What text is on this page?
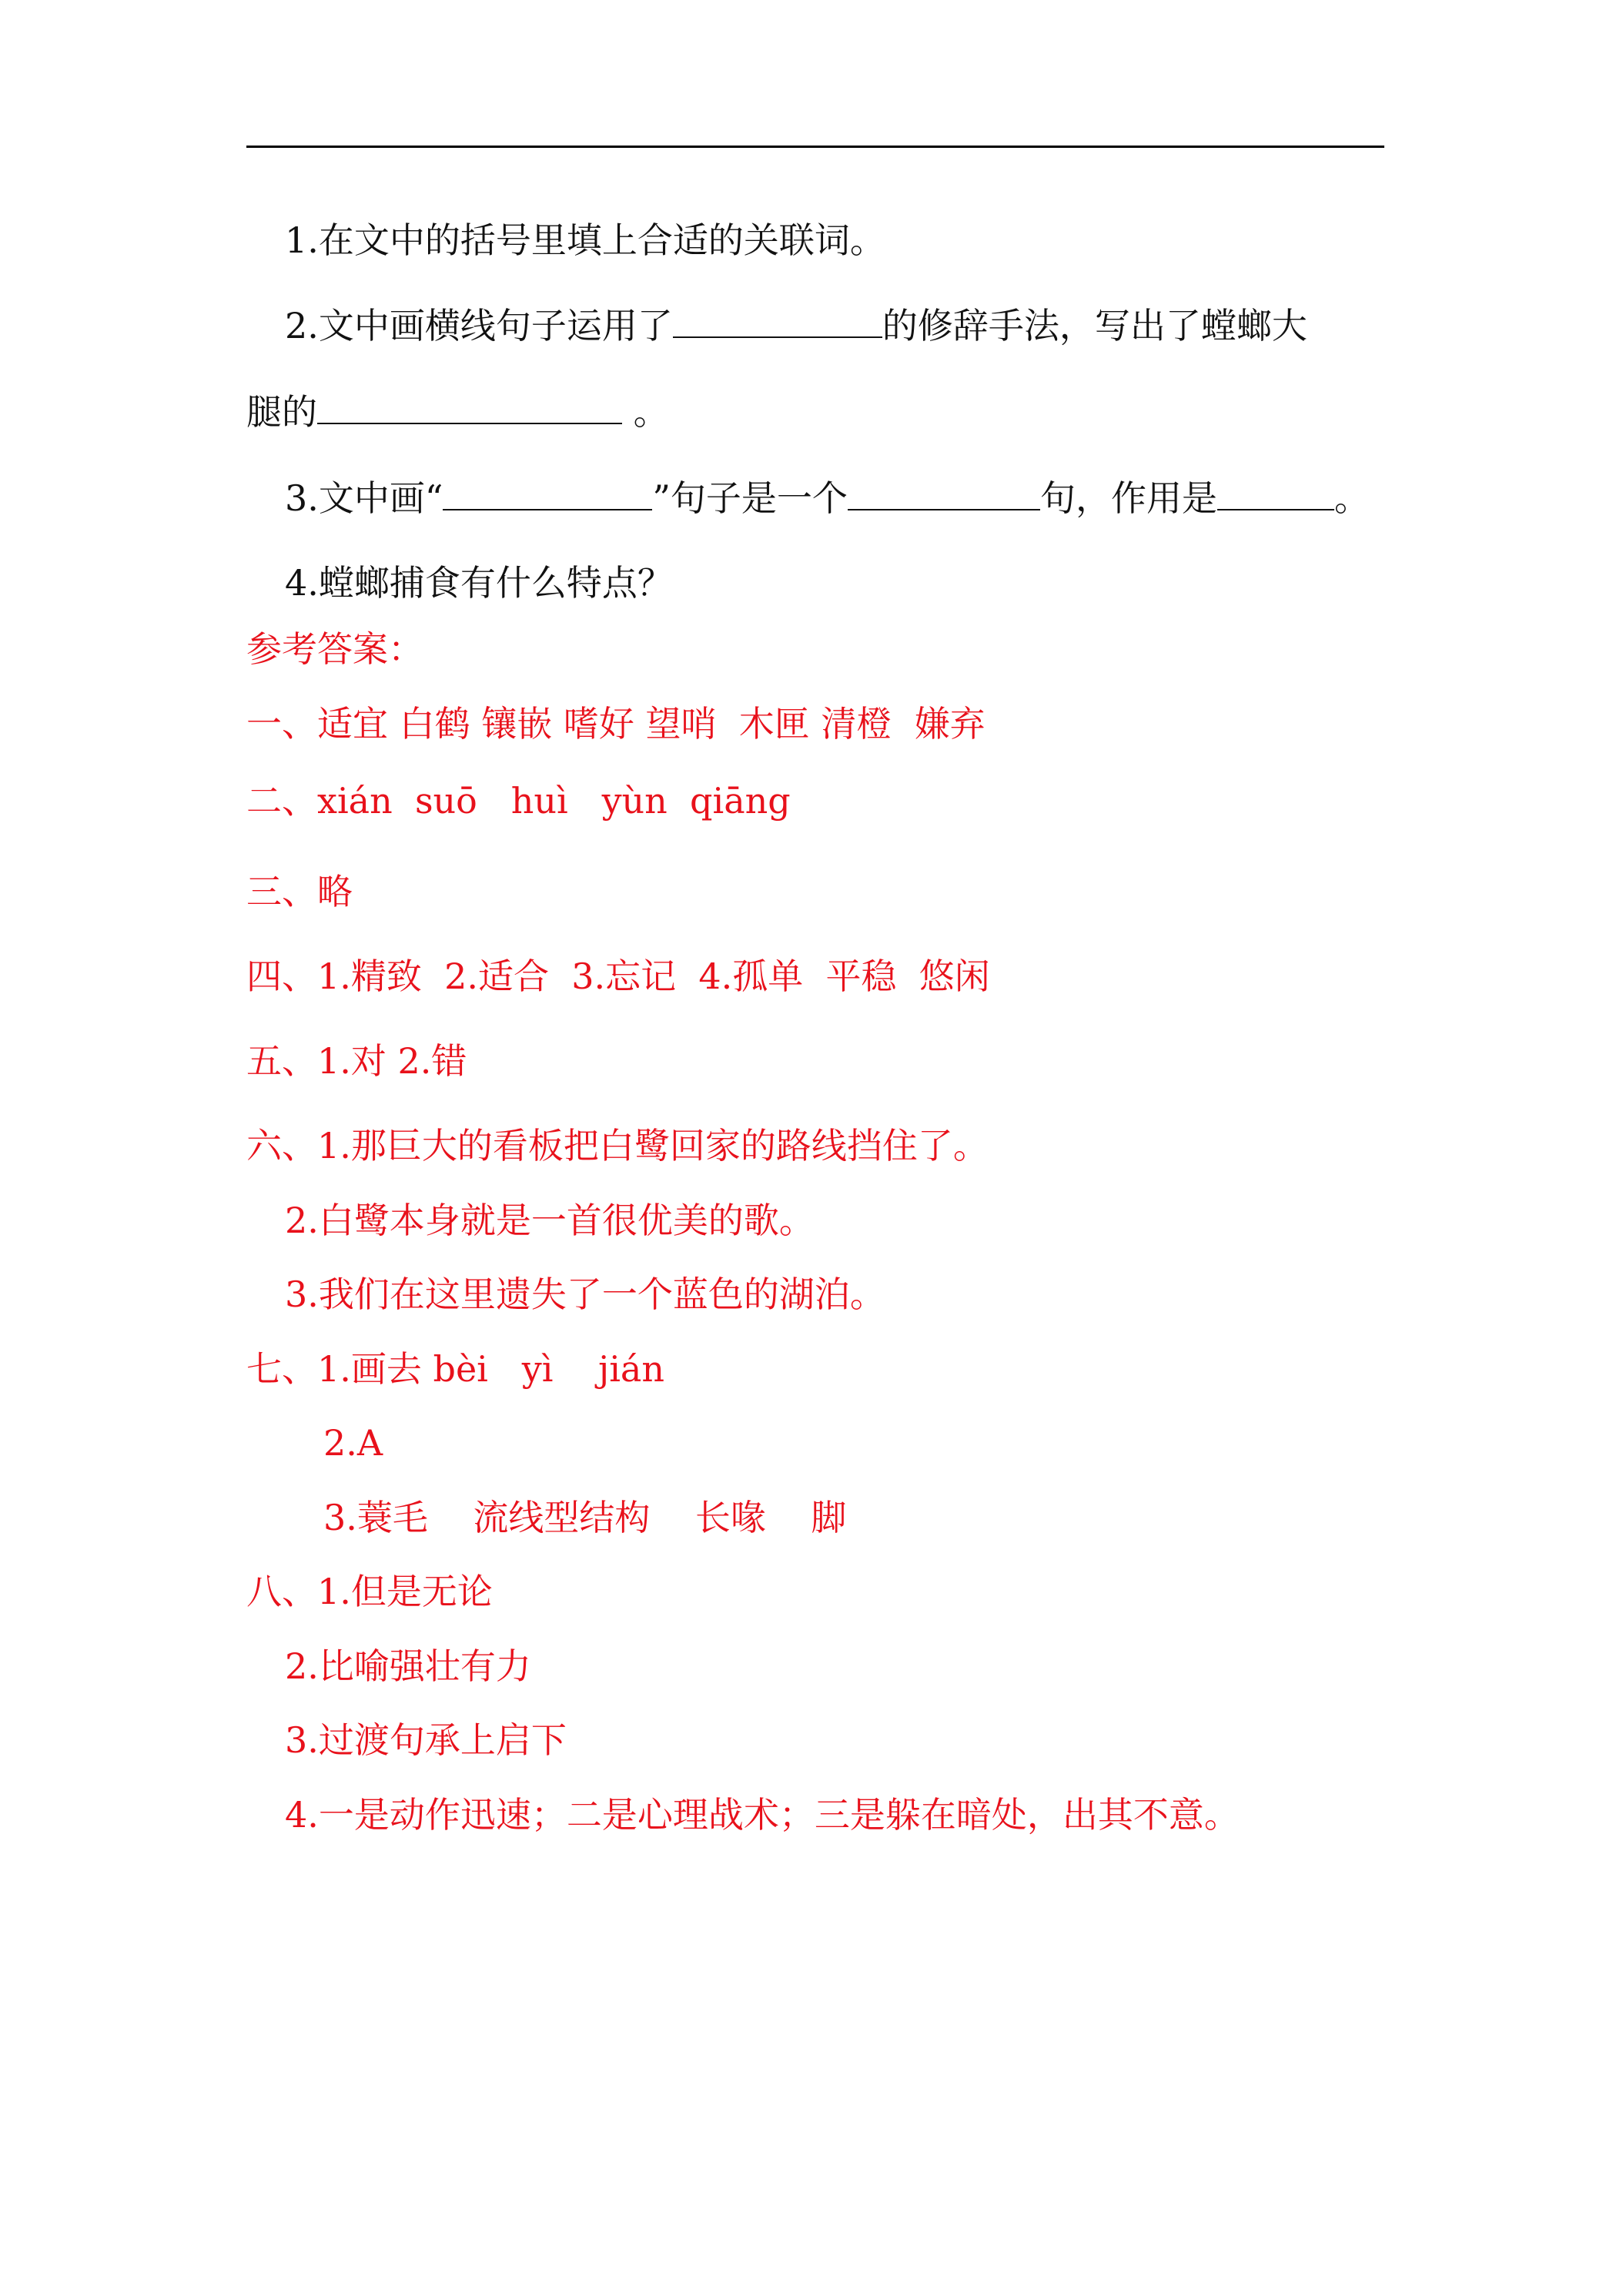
1.在文中的括号里填上合适的关联词。
2.文中画横线句子运用了	的修辞手法，写出了螳螂大
腿的	。
3.文中画“	”句子是一个	句，作用是	。
4.螳螂捕食有什么特点？
参考答案：
一、适宜 白鹤 镶嵌 嗜好 望哨  木匣 清橙  嫌弃
二、xián  suō   huì   yùn  qiāng
三、略
四、1.精致  2.适合  3.忘记  4.孤单  平稳  悠闲
五、1.对 2.错
六、1.那巨大的看板把白鹭回家的路线挡住了。
2.白鹭本身就是一首很优美的歌。
3.我们在这里遗失了一个蓝色的湖泊。
七、1.画去 bèi   yì    jián
2.A
3.蓑毛    流线型结构    长喙    脚
八、1.但是无论
2.比喻强壮有力
3.过渡句承上启下
4.一是动作迅速；二是心理战术；三是躲在暗处，出其不意。
